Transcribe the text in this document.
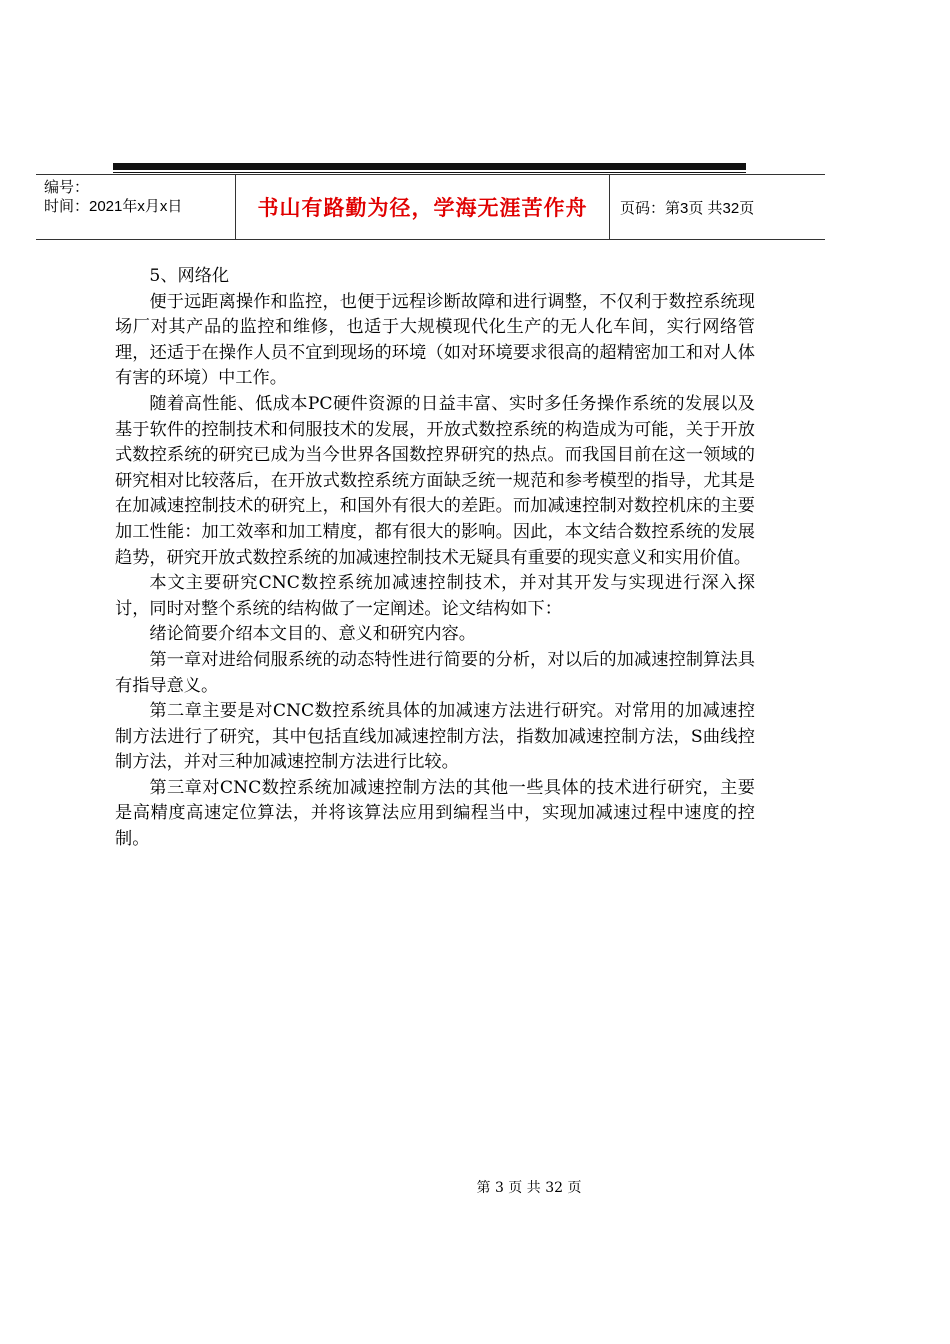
编号：
时间：2021年x月x日	书山有路勤为径，学海无涯苦作舟 页码：第3页 共32页

5、网络化

便于远距离操作和监控，也便于远程诊断故障和进行调整，不仅利于数控系统现场厂对其产品的监控和维修，也适于大规模现代化生产的无人化车间，实行网络管理，还适于在操作人员不宜到现场的环境（如对环境要求很高的超精密加工和对人体有害的环境）中工作。

随着高性能、低成本PC硬件资源的日益丰富、实时多任务操作系统的发展以及基于软件的控制技术和伺服技术的发展，开放式数控系统的构造成为可能，关于开放式数控系统的研究已成为当今世界各国数控界研究的热点。而我国目前在这一领域的研究相对比较落后，在开放式数控系统方面缺乏统一规范和参考模型的指导，尤其是在加减速控制技术的研究上，和国外有很大的差距。而加减速控制对数控机床的主要加工性能：加工效率和加工精度，都有很大的影响。因此，本文结合数控系统的发展趋势，研究开放式数控系统的加减速控制技术无疑具有重要的现实意义和实用价值。

本文主要研究CNC数控系统加减速控制技术，并对其开发与实现进行深入探讨，同时对整个系统的结构做了一定阐述。论文结构如下：

绪论简要介绍本文目的、意义和研究内容。

第一章对进给伺服系统的动态特性进行简要的分析，对以后的加减速控制算法具有指导意义。

第二章主要是对CNC数控系统具体的加减速方法进行研究。对常用的加减速控制方法进行了研究，其中包括直线加减速控制方法，指数加减速控制方法，S曲线控制方法，并对三种加减速控制方法进行比较。

第三章对CNC数控系统加减速控制方法的其他一些具体的技术进行研究，主要是高精度高速定位算法，并将该算法应用到编程当中，实现加减速过程中速度的控制。

第 3 页 共 32 页
